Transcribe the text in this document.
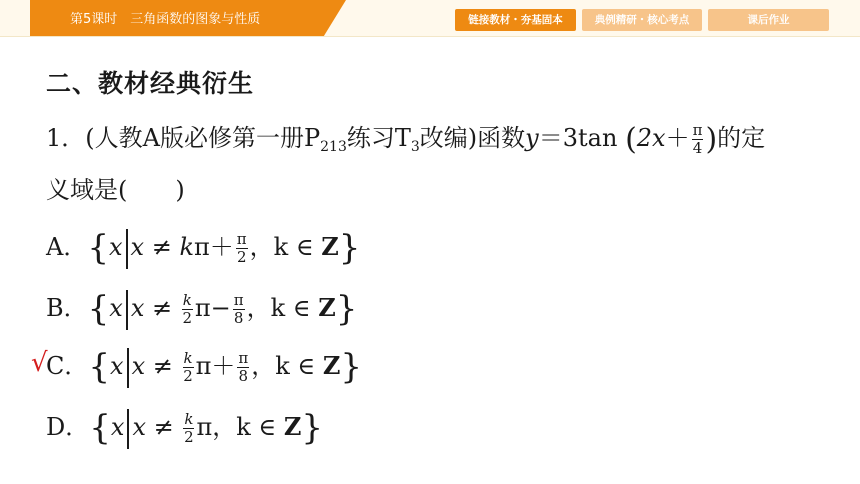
第5课时　三角函数的图象与性质	链接教材・夯基固本	典例精研・核心考点	课后作业
二、教材经典衍生
1．(人教A版必修第一册$P_{213}$练习$T_3$改编)函数y＝3tan ($2x+ \frac{\pi}{4}$ )的定
义域是(　　)
A．{x $x \ne k\pi+ \frac{\pi}{2}$ ，k ∈ Z}
B．{x $x \ne \frac{k}{2} \pi- \frac{\pi}{8}$ ，k ∈ Z}
√
C．{x $x \ne \frac{k}{2} \pi+ \frac{\pi}{8}$ ，k ∈ Z}
D．{x $x \ne \frac{k}{2}$ π，k ∈ Z}
